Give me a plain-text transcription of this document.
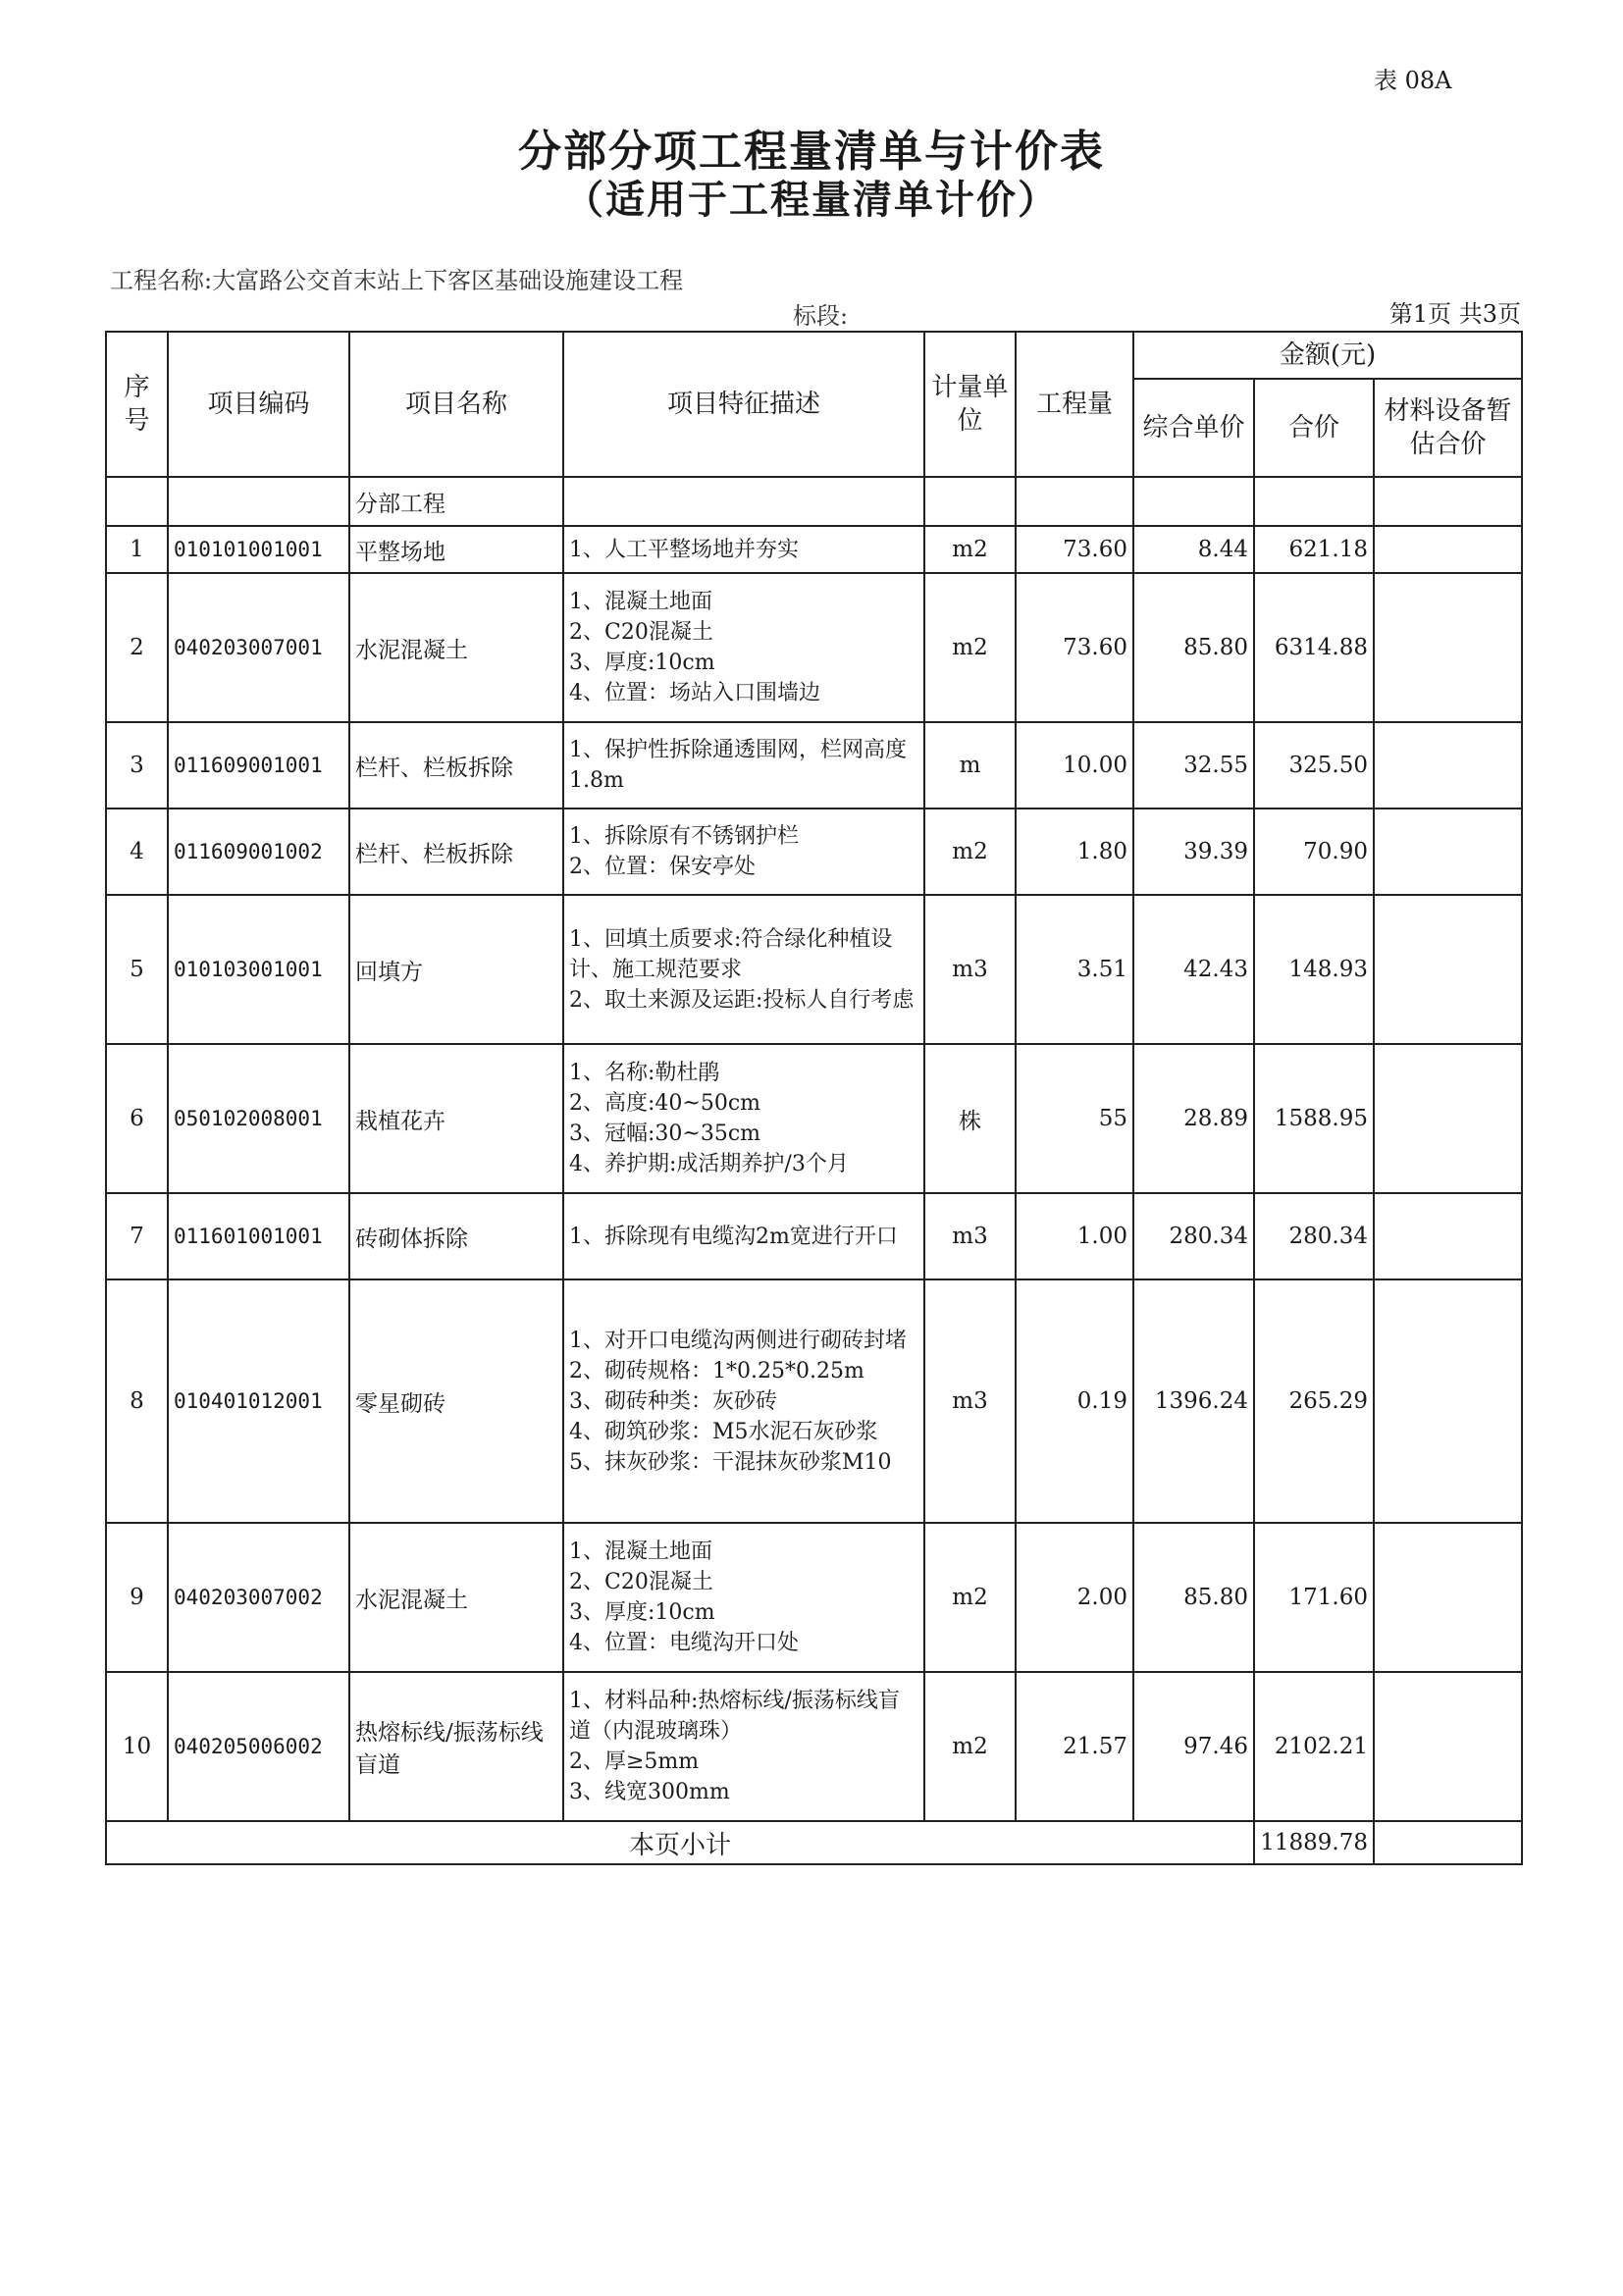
表 08A
分部分项工程量清单与计价表
（适用于工程量清单计价）
工程名称:大富路公交首末站上下客区基础设施建设工程
标段:	第1页 共3页
序号	项目编码	项目名称	项目特征描述	计量单位	工程量	金额(元)		
						综合单价	合价	材料设备暂估合价
		分部工程						
1	010101001001	平整场地	1、人工平整场地并夯实	m2	73.60	8.44	621.18	
2	040203007001	水泥混凝土	1、混凝土地面
2、C20混凝土
3、厚度:10cm
4、位置：场站入口围墙边	m2	73.60	85.80	6314.88	
3	011609001001	栏杆、栏板拆除	1、保护性拆除通透围网，栏网高度1.8m	m	10.00	32.55	325.50	
4	011609001002	栏杆、栏板拆除	1、拆除原有不锈钢护栏
2、位置：保安亭处	m2	1.80	39.39	70.90	
5	010103001001	回填方	1、回填土质要求:符合绿化种植设计、施工规范要求
2、取土来源及运距:投标人自行考虑	m3	3.51	42.43	148.93	
6	050102008001	栽植花卉	1、名称:勒杜鹃
2、高度:40~50cm
3、冠幅:30~35cm
4、养护期:成活期养护/3个月	株	55	28.89	1588.95	
7	011601001001	砖砌体拆除	1、拆除现有电缆沟2m宽进行开口	m3	1.00	280.34	280.34	
8	010401012001	零星砌砖	1、对开口电缆沟两侧进行砌砖封堵
2、砌砖规格：1*0.25*0.25m
3、砌砖种类：灰砂砖
4、砌筑砂浆：M5水泥石灰砂浆
5、抹灰砂浆：干混抹灰砂浆M10	m3	0.19	1396.24	265.29	
9	040203007002	水泥混凝土	1、混凝土地面
2、C20混凝土
3、厚度:10cm
4、位置：电缆沟开口处	m2	2.00	85.80	171.60	
10	040205006002	热熔标线/振荡标线盲道	1、材料品种:热熔标线/振荡标线盲道（内混玻璃珠）
2、厚≥5mm
3、线宽300mm	m2	21.57	97.46	2102.21	
本页小计							11889.78	
